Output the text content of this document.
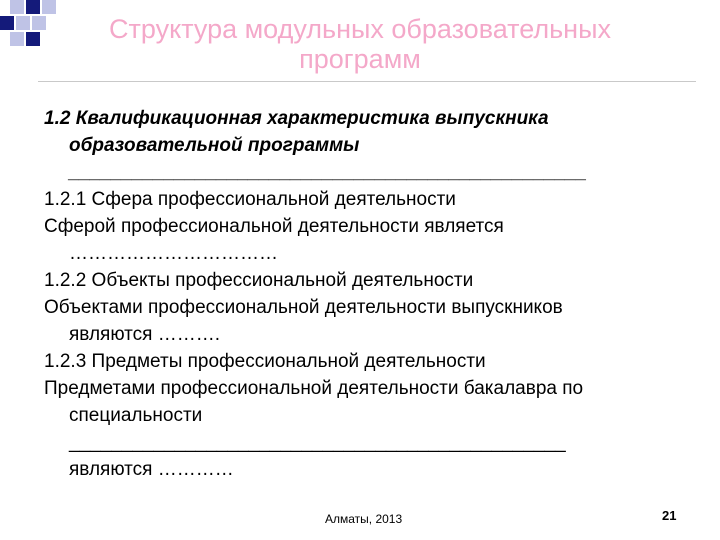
Структура модульных образовательных
программ
1.2 Квалификационная характеристика выпускника
образовательной программы
_________________________________________________
1.2.1 Сфера профессиональной деятельности
Сферой профессиональной деятельности является
……………………………
1.2.2 Объекты профессиональной деятельности
Объектами профессиональной деятельности выпускников
являются ……….
1.2.3 Предметы профессиональной деятельности
Предметами профессиональной деятельности бакалавра по
специальности
_______________________________________________
являются …………
Алматы, 2013	21
